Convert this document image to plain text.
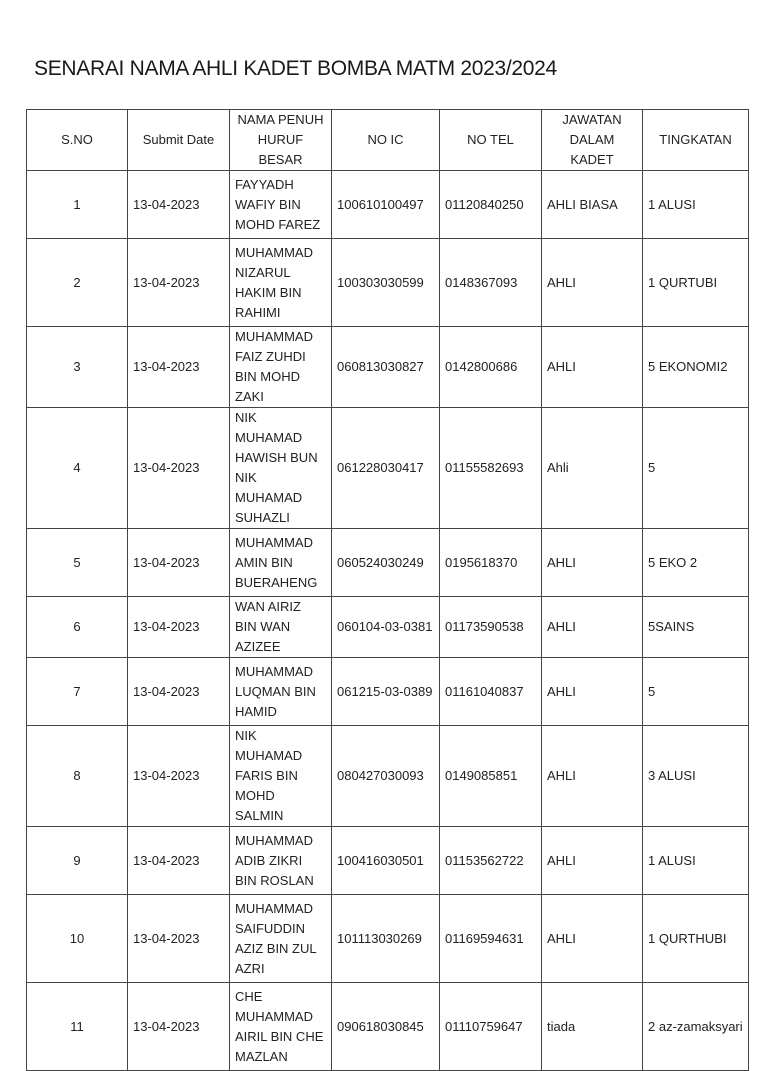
SENARAI NAMA AHLI KADET BOMBA MATM 2023/2024
S.NO	Submit Date	NAMA PENUH HURUF BESAR	NO IC	NO TEL	JAWATAN DALAM KADET	TINGKATAN
1	13-04-2023	FAYYADH WAFIY BIN MOHD FAREZ	100610100497	01120840250	AHLI BIASA	1 ALUSI
2	13-04-2023	MUHAMMAD NIZARUL HAKIM BIN RAHIMI	100303030599	0148367093	AHLI	1 QURTUBI
3	13-04-2023	MUHAMMAD FAIZ ZUHDI BIN MOHD ZAKI	060813030827	0142800686	AHLI	5 EKONOMI2
4	13-04-2023	NIK MUHAMAD HAWISH BUN NIK MUHAMAD SUHAZLI	061228030417	01155582693	Ahli	5
5	13-04-2023	MUHAMMAD AMIN BIN BUERAHENG	060524030249	0195618370	AHLI	5 EKO 2
6	13-04-2023	WAN AIRIZ BIN WAN AZIZEE	060104-03-0381	01173590538	AHLI	5SAINS
7	13-04-2023	MUHAMMAD LUQMAN BIN HAMID	061215-03-0389	01161040837	AHLI	5
8	13-04-2023	NIK MUHAMAD FARIS BIN MOHD SALMIN	080427030093	0149085851	AHLI	3 ALUSI
9	13-04-2023	MUHAMMAD ADIB ZIKRI BIN ROSLAN	100416030501	01153562722	AHLI	1 ALUSI
10	13-04-2023	MUHAMMAD SAIFUDDIN AZIZ BIN ZUL AZRI	101113030269	01169594631	AHLI	1 QURTHUBI
11	13-04-2023	CHE MUHAMMAD AIRIL BIN CHE MAZLAN	090618030845	01110759647	tiada	2 az-zamaksyari
